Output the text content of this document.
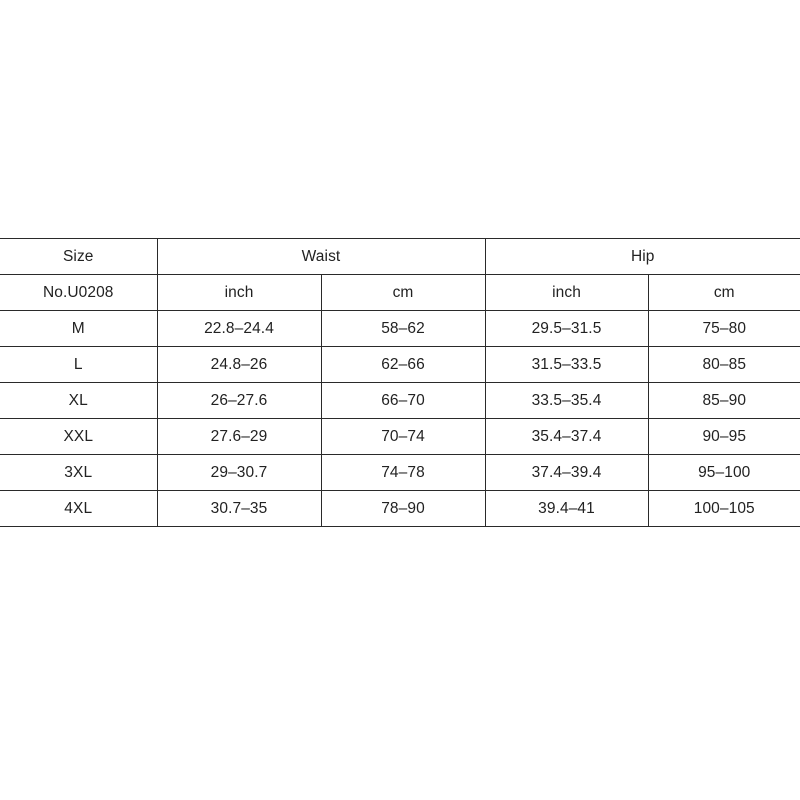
Size	Waist		Hip	
No.U0208	inch	cm	inch	cm
M	22.8–24.4	58–62	29.5–31.5	75–80
L	24.8–26	62–66	31.5–33.5	80–85
XL	26–27.6	66–70	33.5–35.4	85–90
XXL	27.6–29	70–74	35.4–37.4	90–95
3XL	29–30.7	74–78	37.4–39.4	95–100
4XL	30.7–35	78–90	39.4–41	100–105
